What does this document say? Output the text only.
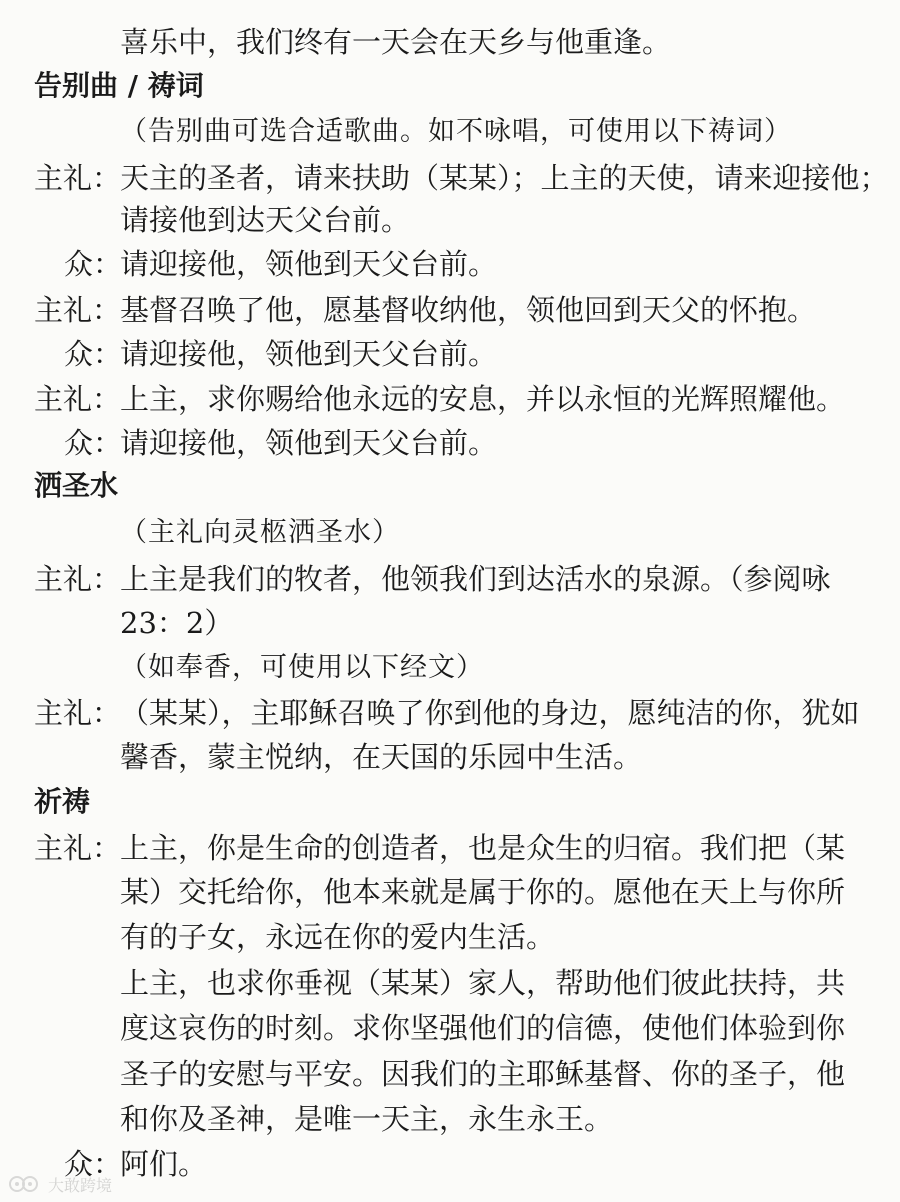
喜乐中，我们终有一天会在天乡与他重逢。
告别曲 / 祷词
（告别曲可选合适歌曲。如不咏唱，可使用以下祷词）
主礼：
天主的圣者，请来扶助（某某）；上主的天使，请来迎接他；
请接他到达天父台前。
众：
请迎接他，领他到天父台前。
主礼：
基督召唤了他，愿基督收纳他，领他回到天父的怀抱。
众：
请迎接他，领他到天父台前。
主礼：
上主，求你赐给他永远的安息，并以永恒的光辉照耀他。
众：
请迎接他，领他到天父台前。
洒圣水
（主礼向灵柩洒圣水）
主礼：
上主是我们的牧者，他领我们到达活水的泉源。（参阅咏
23：2）
（如奉香，可使用以下经文）
主礼：
（某某），主耶稣召唤了你到他的身边，愿纯洁的你，犹如
馨香，蒙主悦纳，在天国的乐园中生活。
祈祷
主礼：
上主，你是生命的创造者，也是众生的归宿。我们把（某
某）交托给你，他本来就是属于你的。愿他在天上与你所
有的子女，永远在你的爱内生活。
上主，也求你垂视（某某）家人，帮助他们彼此扶持，共
度这哀伤的时刻。求你坚强他们的信德，使他们体验到你
圣子的安慰与平安。因我们的主耶稣基督、你的圣子，他
和你及圣神，是唯一天主，永生永王。
众：
阿们。
大敢跨境
